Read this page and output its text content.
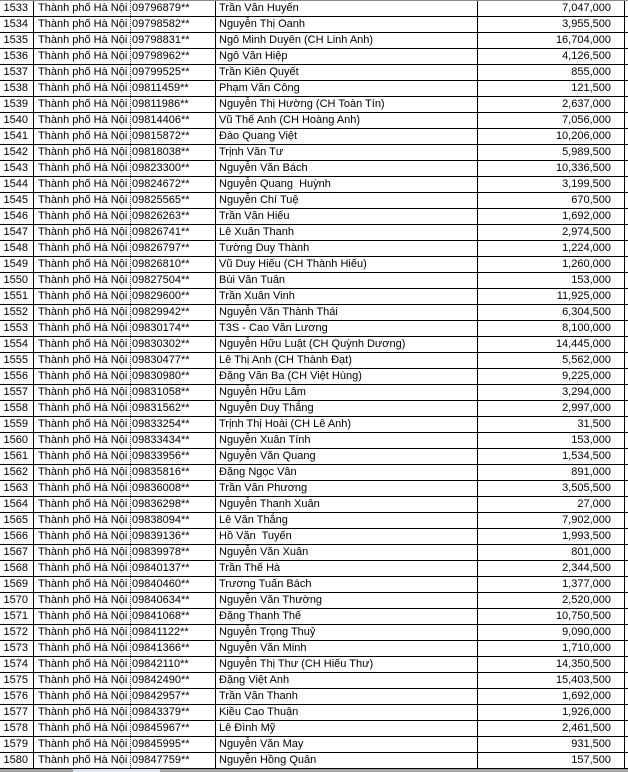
1533 Thành phố Hà Nội 09796879**	Trần Văn Huyến	7,047,000
1534 Thành phố Hà Nội 09798582**	Nguyễn Thị Oanh	3,955,500
1535 Thành phố Hà Nội 09798831**	Ngô Minh Duyên (CH Linh Anh)	16,704,000
1536 Thành phố Hà Nội 09798962**	Ngô Văn Hiệp	4,126,500
1537 Thành phố Hà Nội 09799525**	Trần Kiên Quyết	855,000
1538 Thành phố Hà Nội 09811459**	Phạm Văn Công	121,500
1539 Thành phố Hà Nội 09811986**	Nguyễn Thị Hường (CH Toàn Tín)	2,637,000
1540 Thành phố Hà Nội 09814406**	Vũ Thế Anh (CH Hoàng Anh)	7,056,000
1541 Thành phố Hà Nội 09815872**	Đào Quang Việt	10,206,000
1542 Thành phố Hà Nội 09818038**	Trịnh Văn Tư	5,989,500
1543 Thành phố Hà Nội 09823300**	Nguyễn Văn Bách	10,336,500
1544 Thành phố Hà Nội 09824672**	Nguyễn Quang  Huỳnh	3,199,500
1545 Thành phố Hà Nội 09825565**	Nguyễn Chí Tuệ	670,500
1546 Thành phố Hà Nội 09826263**	Trần Văn Hiếu	1,692,000
1547 Thành phố Hà Nội 09826741**	Lê Xuân Thanh	2,974,500
1548 Thành phố Hà Nội 09826797**	Tường Duy Thành	1,224,000
1549 Thành phố Hà Nội 09826810**	Vũ Duy Hiếu (CH Thành Hiếu)	1,260,000
1550 Thành phố Hà Nội 09827504**	Bùi Văn Tuân	153,000
1551 Thành phố Hà Nội 09829600**	Trần Xuân Vinh	11,925,000
1552 Thành phố Hà Nội 09829942**	Nguyễn Văn Thành Thái	6,304,500
1553 Thành phố Hà Nội 09830174**	T3S - Cao Văn Lương	8,100,000
1554 Thành phố Hà Nội 09830302**	Nguyễn Hữu Luật (CH Quỳnh Dương)	14,445,000
1555 Thành phố Hà Nội 09830477**	Lê Thị Anh (CH Thành Đạt)	5,562,000
1556 Thành phố Hà Nội 09830980**	Đặng Văn Ba (CH Việt Hùng)	9,225,000
1557 Thành phố Hà Nội 09831058**	Nguyễn Hữu Lâm	3,294,000
1558 Thành phố Hà Nội 09831562**	Nguyễn Duy Thắng	2,997,000
1559 Thành phố Hà Nội 09833254**	Trịnh Thị Hoài (CH Lê Anh)	31,500
1560 Thành phố Hà Nội 09833434**	Nguyễn Xuân Tính	153,000
1561 Thành phố Hà Nội 09833956**	Nguyễn Văn Quang	1,534,500
1562 Thành phố Hà Nội 09835816**	Đặng Ngọc Vân	891,000
1563 Thành phố Hà Nội 09836008**	Trần Văn Phương	3,505,500
1564 Thành phố Hà Nội 09836298**	Nguyễn Thanh Xuân	27,000
1565 Thành phố Hà Nội 09838094**	Lê Văn Thắng	7,902,000
1566 Thành phố Hà Nội 09839136**	Hồ Văn  Tuyến	1,993,500
1567 Thành phố Hà Nội 09839978**	Nguyễn Văn Xuân	801,000
1568 Thành phố Hà Nội 09840137**	Trần Thế Hà	2,344,500
1569 Thành phố Hà Nội 09840460**	Trương Tuấn Bách	1,377,000
1570 Thành phố Hà Nội 09840634**	Nguyễn Văn Thường	2,520,000
1571 Thành phố Hà Nội 09841068**	Đặng Thanh Thế	10,750,500
1572 Thành phố Hà Nội 09841122**	Nguyễn Trọng Thuỷ	9,090,000
1573 Thành phố Hà Nội 09841366**	Nguyễn Văn Minh	1,710,000
1574 Thành phố Hà Nội 09842110**	Nguyễn Thị Thư (CH Hiếu Thư)	14,350,500
1575 Thành phố Hà Nội 09842490**	Đặng Việt Anh	15,403,500
1576 Thành phố Hà Nội 09842957**	Trần Văn Thanh	1,692,000
1577 Thành phố Hà Nội 09843379**	Kiều Cao Thuận	1,926,000
1578 Thành phố Hà Nội 09845967**	Lê Đình Mỹ	2,461,500
1579 Thành phố Hà Nội 09845995**	Nguyễn Văn May	931,500
1580 Thành phố Hà Nội 09847759**	Nguyễn Hồng Quân	157,500
